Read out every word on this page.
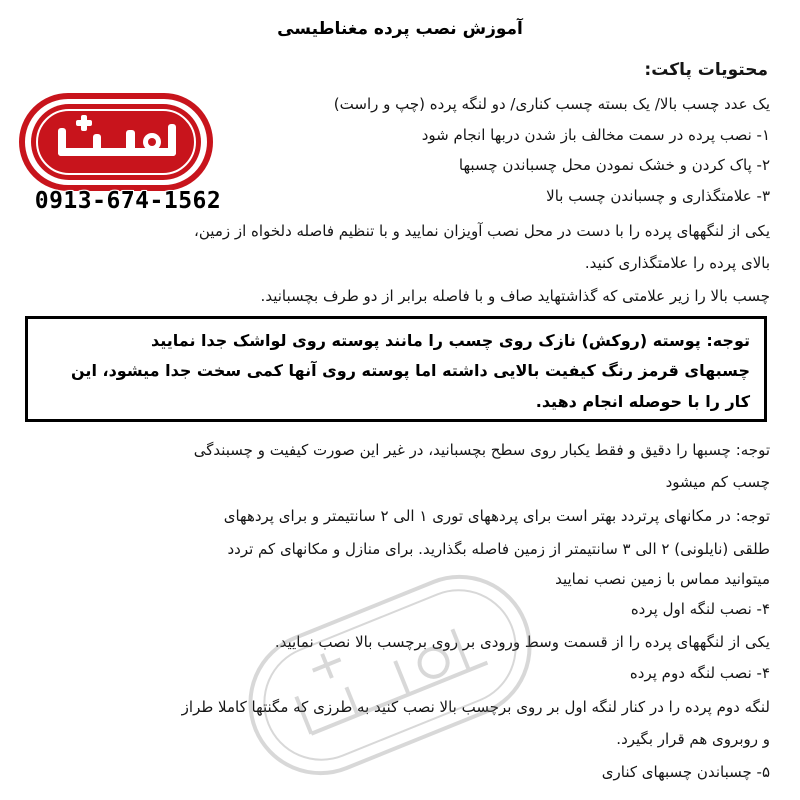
آموزش نصب پرده مغناطیسی
محتویات پاکت:
یک عدد چسب بالا/ یک بسته چسب کناری/ دو لنگه پرده (چپ و راست)
۱- نصب پرده در سمت مخالف باز شدن دربها انجام شود
۲- پاک کردن و خشک نمودن محل چسباندن چسبها
۳- علامتگذاری و چسباندن چسب بالا
یکی از لنگههای پرده را با دست در محل نصب آویزان نمایید و با تنظیم فاصله دلخواه از زمین،
بالای پرده را علامتگذاری کنید.
چسب بالا را زیر علامتی که گذاشتهاید صاف و با فاصله برابر از دو طرف بچسبانید.
توجه: پوسته (روکش) نازک روی چسب را مانند پوسته روی لواشک جدا نمایید
چسبهای قرمز رنگ کیفیت بالایی داشته اما پوسته روی آنها کمی سخت جدا میشود، این
کار را با حوصله انجام دهید.
توجه: چسبها را دقیق و فقط یکبار روی سطح بچسبانید، در غیر این صورت کیفیت و چسبندگی
چسب کم میشود
توجه: در مکانهای پرتردد بهتر است برای پردههای توری ۱ الی ۲ سانتیمتر و برای پردههای
طلقی (نایلونی) ۲ الی ۳ سانتیمتر از زمین فاصله بگذارید. برای منازل و مکانهای کم تردد
میتوانید مماس با زمین نصب نمایید
۴- نصب لنگه اول پرده
یکی از لنگههای پرده را از قسمت وسط ورودی بر روی برچسب بالا نصب نمایید.
۴- نصب لنگه دوم پرده
لنگه دوم پرده را در کنار لنگه اول بر روی برچسب بالا نصب کنید به طرزی که مگنتها کاملا طراز
و روبروی هم قرار بگیرد.
۵- چسباندن چسبهای کناری
0913-674-1562
